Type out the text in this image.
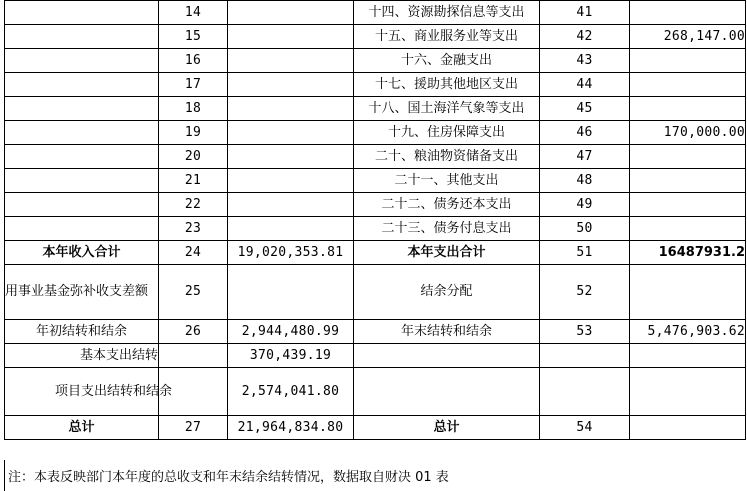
	14		十四、资源勘探信息等支出	41	
	15		十五、商业服务业等支出	42	268,147.00
	16		十六、金融支出	43	
	17		十七、援助其他地区支出	44	
	18		十八、国土海洋气象等支出	45	
	19		十九、住房保障支出	46	170,000.00
	20		二十、粮油物资储备支出	47	
	21		二十一、其他支出	48	
	22		二十二、债务还本支出	49	
	23		二十三、债务付息支出	50	
本年收入合计	24	19,020,353.81	本年支出合计	51	16487931.2
用事业基金弥补收支差额	25		结余分配	52	
年初结转和结余	26	2,944,480.99	年末结转和结余	53	5,476,903.62
基本支出结转		370,439.19			
项目支出结转和结余		2,574,041.80			
总计	27	21,964,834.80	总计	54	
注：本表反映部门本年度的总收支和年末结余结转情况，数据取自财决 01 表
